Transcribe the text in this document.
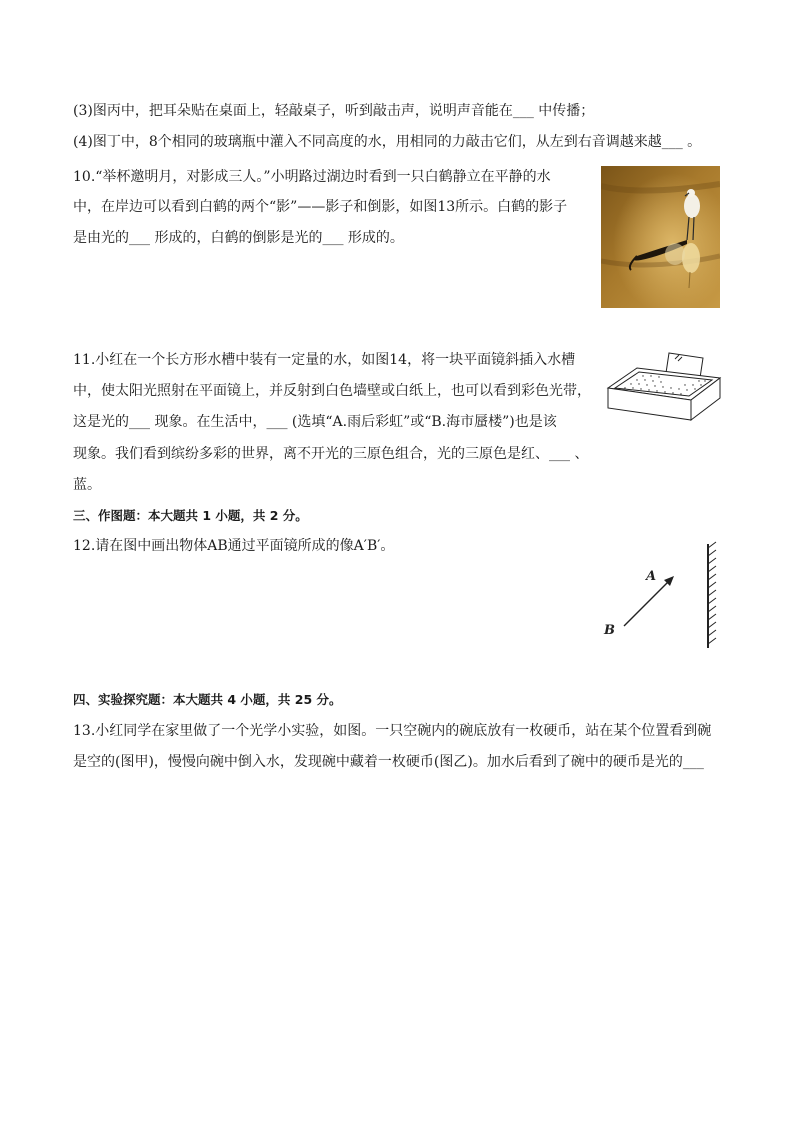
(3)图丙中，把耳朵贴在桌面上，轻敲桌子，听到敲击声，说明声音能在___ 中传播；
(4)图丁中，8个相同的玻璃瓶中灌入不同高度的水，用相同的力敲击它们，从左到右音调越来越___ 。
10.“举杯邀明月，对影成三人。”小明路过湖边时看到一只白鹤静立在平静的水
中，在岸边可以看到白鹤的两个“影”——影子和倒影，如图13所示。白鹤的影子
是由光的___ 形成的，白鹤的倒影是光的___ 形成的。
11.小红在一个长方形水槽中装有一定量的水，如图14，将一块平面镜斜插入水槽
中，使太阳光照射在平面镜上，并反射到白色墙壁或白纸上，也可以看到彩色光带，
这是光的___ 现象。在生活中，___ (选填“A.雨后彩虹”或“B.海市蜃楼”)也是该
现象。我们看到缤纷多彩的世界，离不开光的三原色组合，光的三原色是红、___ 、
蓝。
三、作图题：本大题共 1 小题，共 2 分。
12.请在图中画出物体AB通过平面镜所成的像A′B′。
A
B
四、实验探究题：本大题共 4 小题，共 25 分。
13.小红同学在家里做了一个光学小实验，如图。一只空碗内的碗底放有一枚硬币，站在某个位置看到碗
是空的(图甲)，慢慢向碗中倒入水，发现碗中藏着一枚硬币(图乙)。加水后看到了碗中的硬币是光的___
